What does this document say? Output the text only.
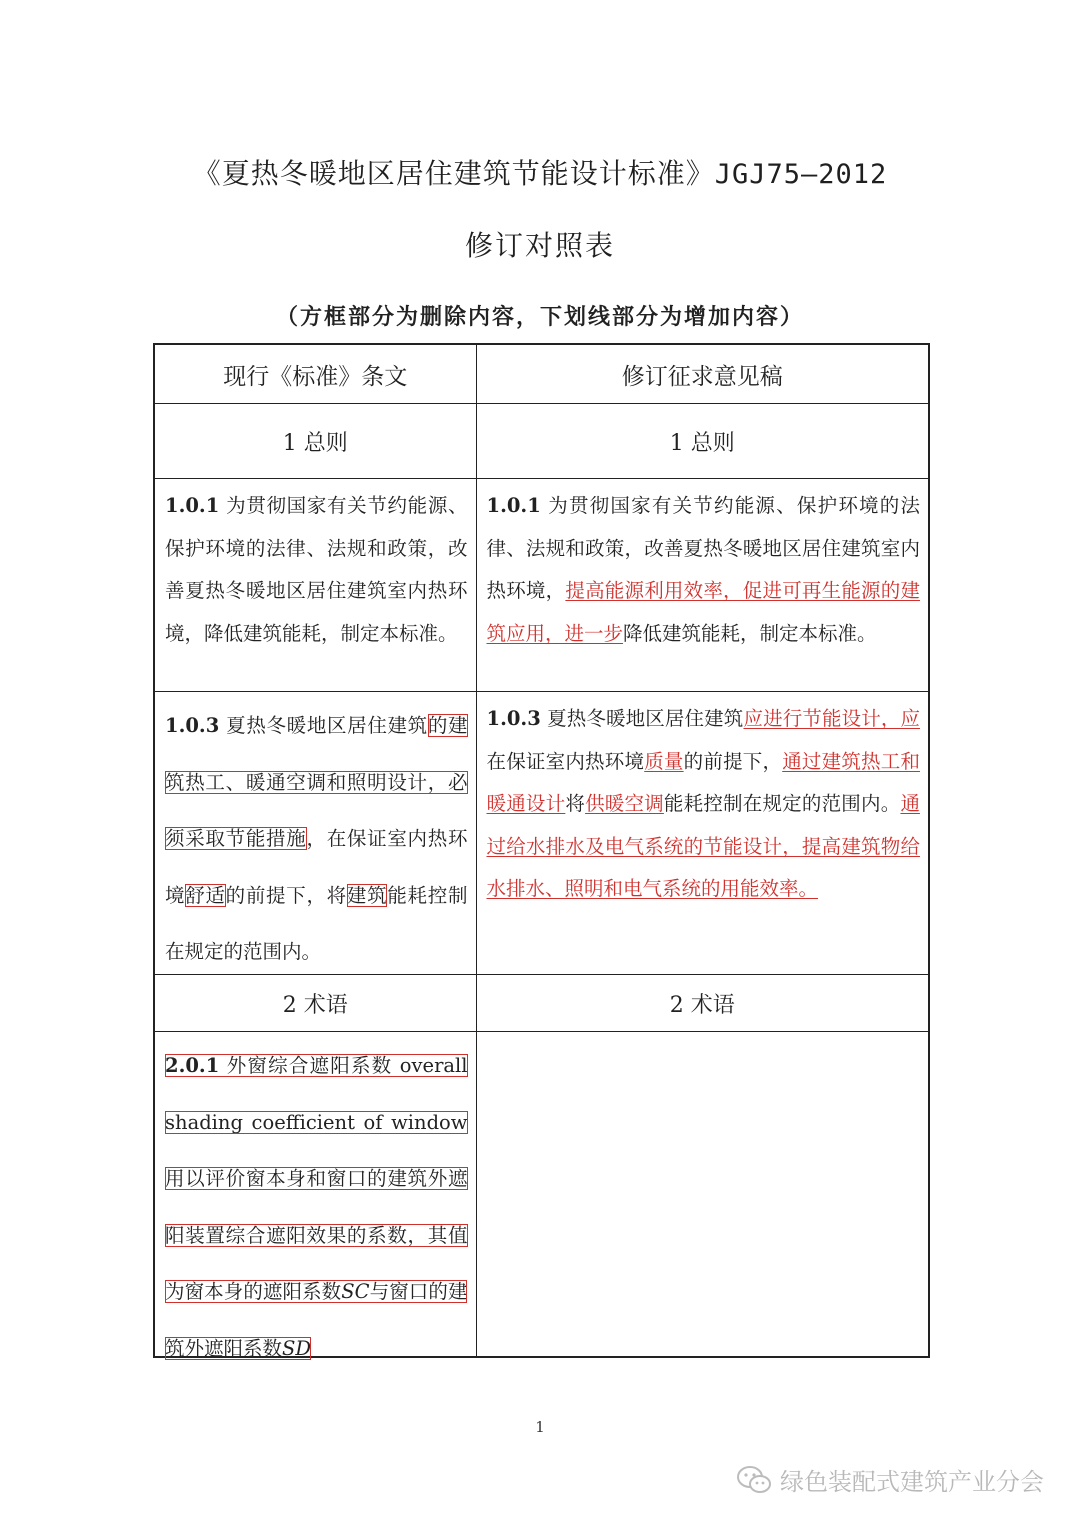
《夏热冬暖地区居住建筑节能设计标准》JGJ75—2012
修订对照表
（方框部分为删除内容，下划线部分为增加内容）
现行《标准》条文	修订征求意见稿
1 总则	1 总则

1.0.1 为贯彻国家有关节约能源、保护环境的法律、法规和政策，改善夏热冬暖地区居住建筑室内热环境，降低建筑能耗，制定本标准。	1.0.1 为贯彻国家有关节约能源、保护环境的法律、法规和政策，改善夏热冬暖地区居住建筑室内热环境，提高能源利用效率，促进可再生能源的建筑应用，进一步降低建筑能耗，制定本标准。

1.0.3 夏热冬暖地区居住建筑的建筑热工、暖通空调和照明设计，必须采取节能措施，在保证室内热环境舒适的前提下，将建筑能耗控制在规定的范围内。	1.0.3 夏热冬暖地区居住建筑应进行节能设计，应在保证室内热环境质量的前提下，通过建筑热工和暖通设计将供暖空调能耗控制在规定的范围内。通过给水排水及电气系统的节能设计，提高建筑物给水排水、照明和电气系统的用能效率。

2 术语	2 术语

2.0.1 外窗综合遮阳系数 overall shading coefficient of window 用以评价窗本身和窗口的建筑外遮阳装置综合遮阳效果的系数，其值为窗本身的遮阳系数SC与窗口的建筑外遮阳系数SD	

1
绿色装配式建筑产业分会
